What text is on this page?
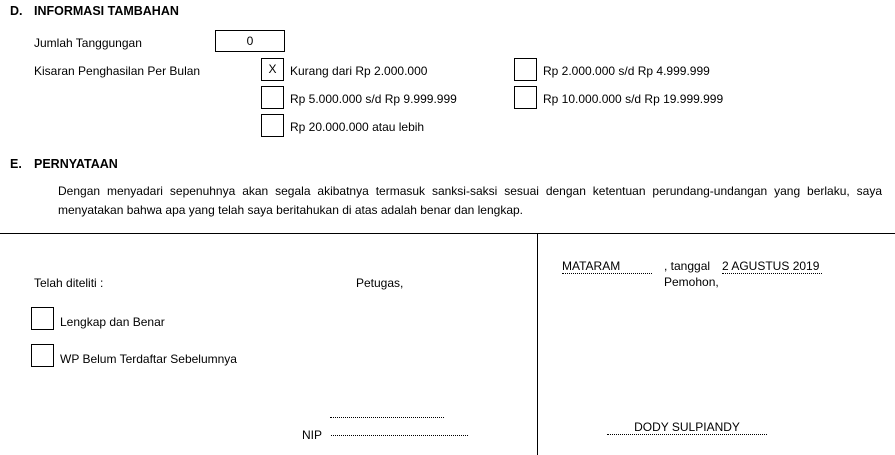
D. INFORMASI TAMBAHAN
Jumlah Tanggungan	0
Kisaran Penghasilan Per Bulan	X	Kurang dari Rp 2.000.000	Rp 2.000.000 s/d Rp 4.999.999
Rp 5.000.000 s/d Rp 9.999.999	Rp 10.000.000 s/d Rp 19.999.999
Rp 20.000.000 atau lebih
E. PERNYATAAN
Dengan menyadari sepenuhnya akan segala akibatnya termasuk sanksi-saksi sesuai dengan ketentuan perundang-undangan yang berlaku, saya menyatakan bahwa apa yang telah saya beritahukan di atas adalah benar dan lengkap.
Telah diteliti :	Petugas,
Lengkap dan Benar
WP Belum Terdaftar Sebelumnya
NIP
MATARAM	, tanggal 2 AGUSTUS 2019
Pemohon,
DODY SULPIANDY
